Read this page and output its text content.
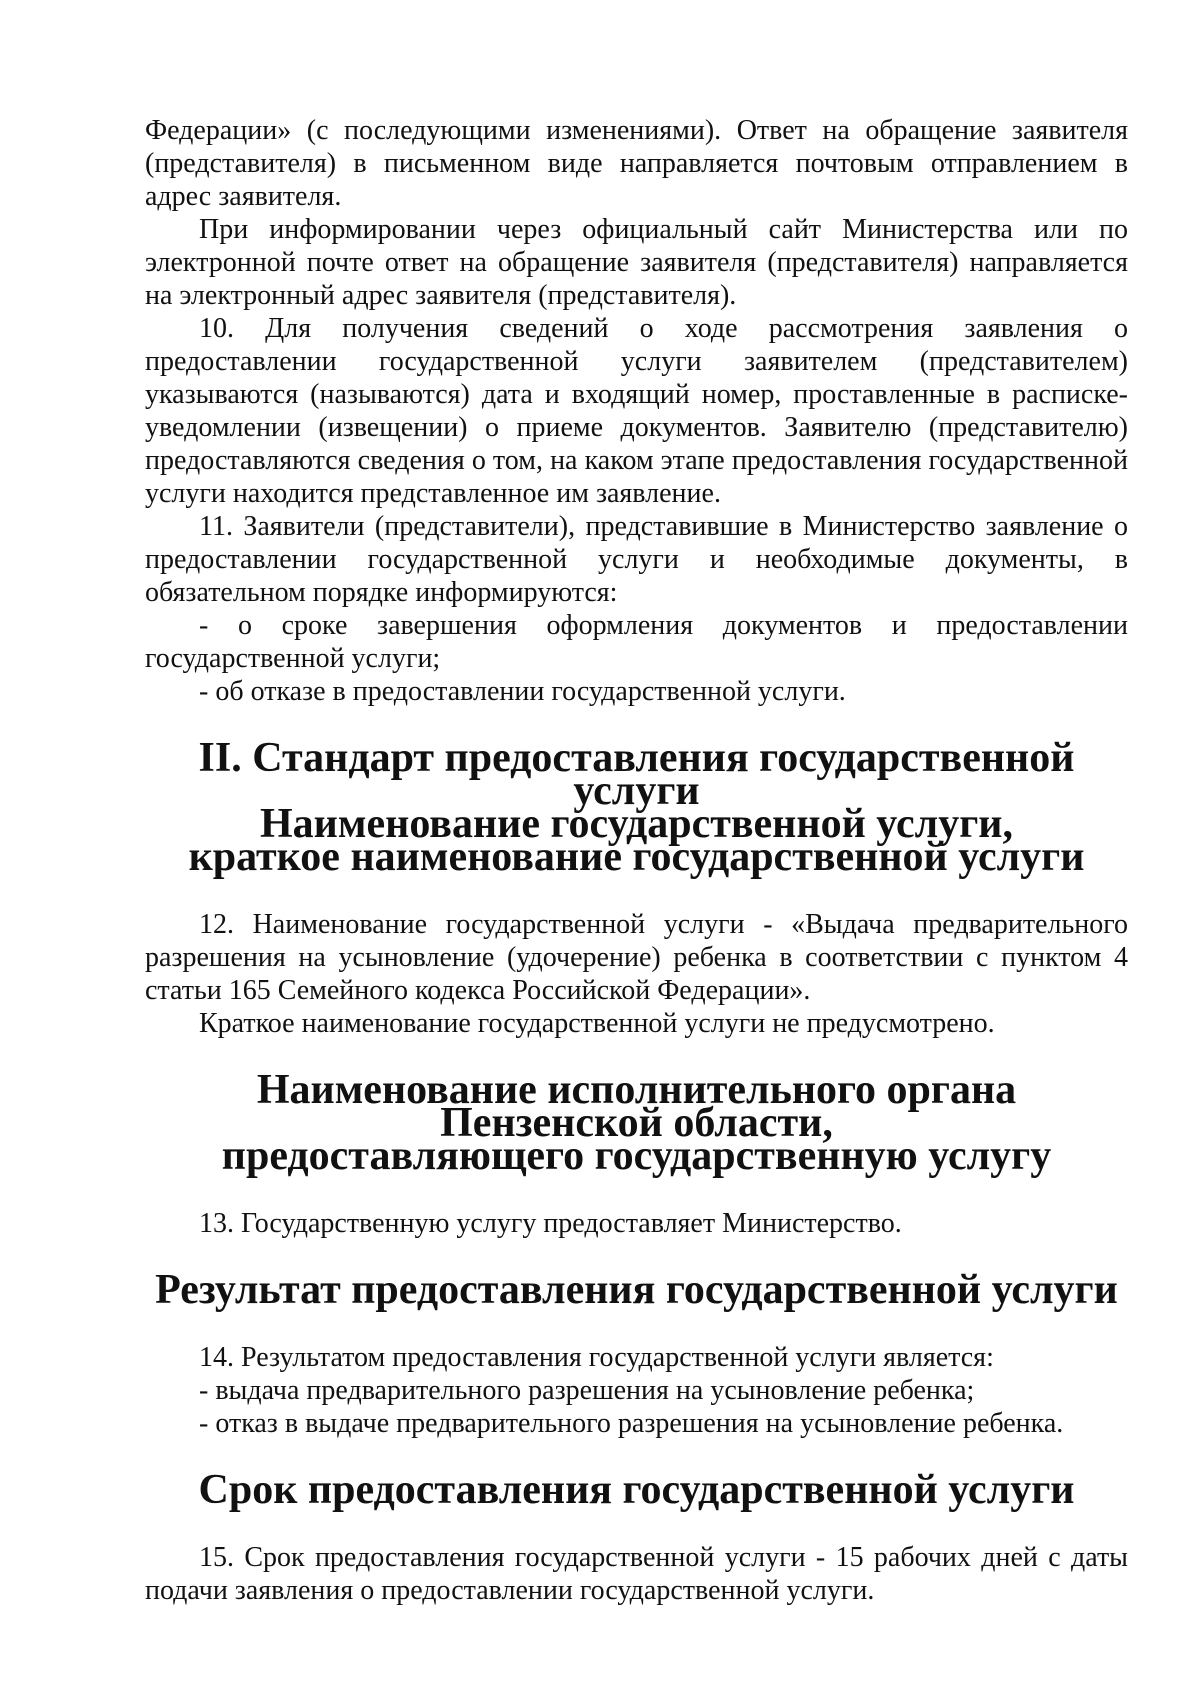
Федерации» (с последующими изменениями). Ответ на обращение заявителя (представителя) в письменном виде направляется почтовым отправлением в адрес заявителя.

При информировании через официальный сайт Министерства или по электронной почте ответ на обращение заявителя (представителя) направляется на электронный адрес заявителя (представителя).

10. Для получения сведений о ходе рассмотрения заявления о предоставлении государственной услуги заявителем (представителем) указываются (называются) дата и входящий номер, проставленные в расписке-уведомлении (извещении) о приеме документов. Заявителю (представителю) предоставляются сведения о том, на каком этапе предоставления государственной услуги находится представленное им заявление.

11. Заявители (представители), представившие в Министерство заявление о предоставлении государственной услуги и необходимые документы, в обязательном порядке информируются:

- о сроке завершения оформления документов и предоставлении государственной услуги;

- об отказе в предоставлении государственной услуги.

II. Стандарт предоставления государственной услуги
Наименование государственной услуги,
краткое наименование государственной услуги

12. Наименование государственной услуги - «Выдача предварительного разрешения на усыновление (удочерение) ребенка в соответствии с пунктом 4 статьи 165 Семейного кодекса Российской Федерации».

Краткое наименование государственной услуги не предусмотрено.

Наименование исполнительного органа Пензенской области,
предоставляющего государственную услугу

13. Государственную услугу предоставляет Министерство.

Результат предоставления государственной услуги

14. Результатом предоставления государственной услуги является:

- выдача предварительного разрешения на усыновление ребенка;

- отказ в выдаче предварительного разрешения на усыновление ребенка.

Срок предоставления государственной услуги

15. Срок предоставления государственной услуги - 15 рабочих дней с даты подачи заявления о предоставлении государственной услуги.
